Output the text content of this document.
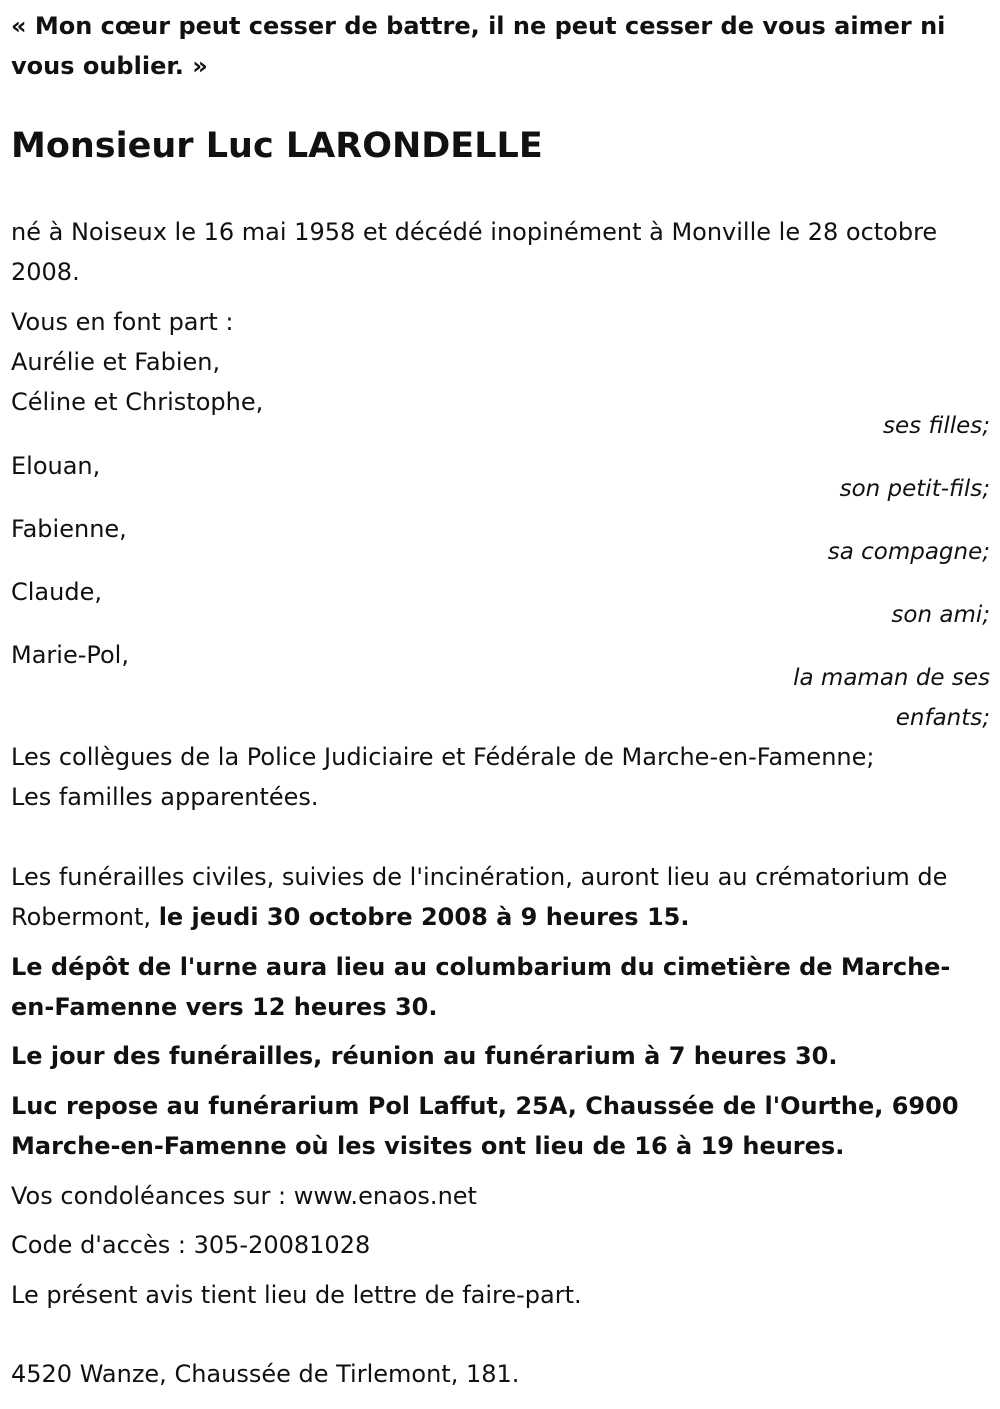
« Mon cœur peut cesser de battre, il ne peut cesser de vous aimer ni vous oublier. »

Monsieur Luc LARONDELLE

né à Noiseux le 16 mai 1958 et décédé inopinément à Monville le 28 octobre 2008.

Vous en font part :

Aurélie et Fabien,

Céline et Christophe,

ses filles;

Elouan,

son petit-fils;

Fabienne,

sa compagne;

Claude,

son ami;

Marie-Pol,

la maman de ses

enfants;

Les collègues de la Police Judiciaire et Fédérale de Marche-en-Famenne;

Les familles apparentées.

Les funérailles civiles, suivies de l'incinération, auront lieu au crématorium de Robermont, le jeudi 30 octobre 2008 à 9 heures 15.

Le dépôt de l'urne aura lieu au columbarium du cimetière de Marche-en-Famenne vers 12 heures 30.

Le jour des funérailles, réunion au funérarium à 7 heures 30.

Luc repose au funérarium Pol Laffut, 25A, Chaussée de l'Ourthe, 6900 Marche-en-Famenne où les visites ont lieu de 16 à 19 heures.

Vos condoléances sur : www.enaos.net

Code d'accès : 305-20081028

Le présent avis tient lieu de lettre de faire-part.

4520 Wanze, Chaussée de Tirlemont, 181.
